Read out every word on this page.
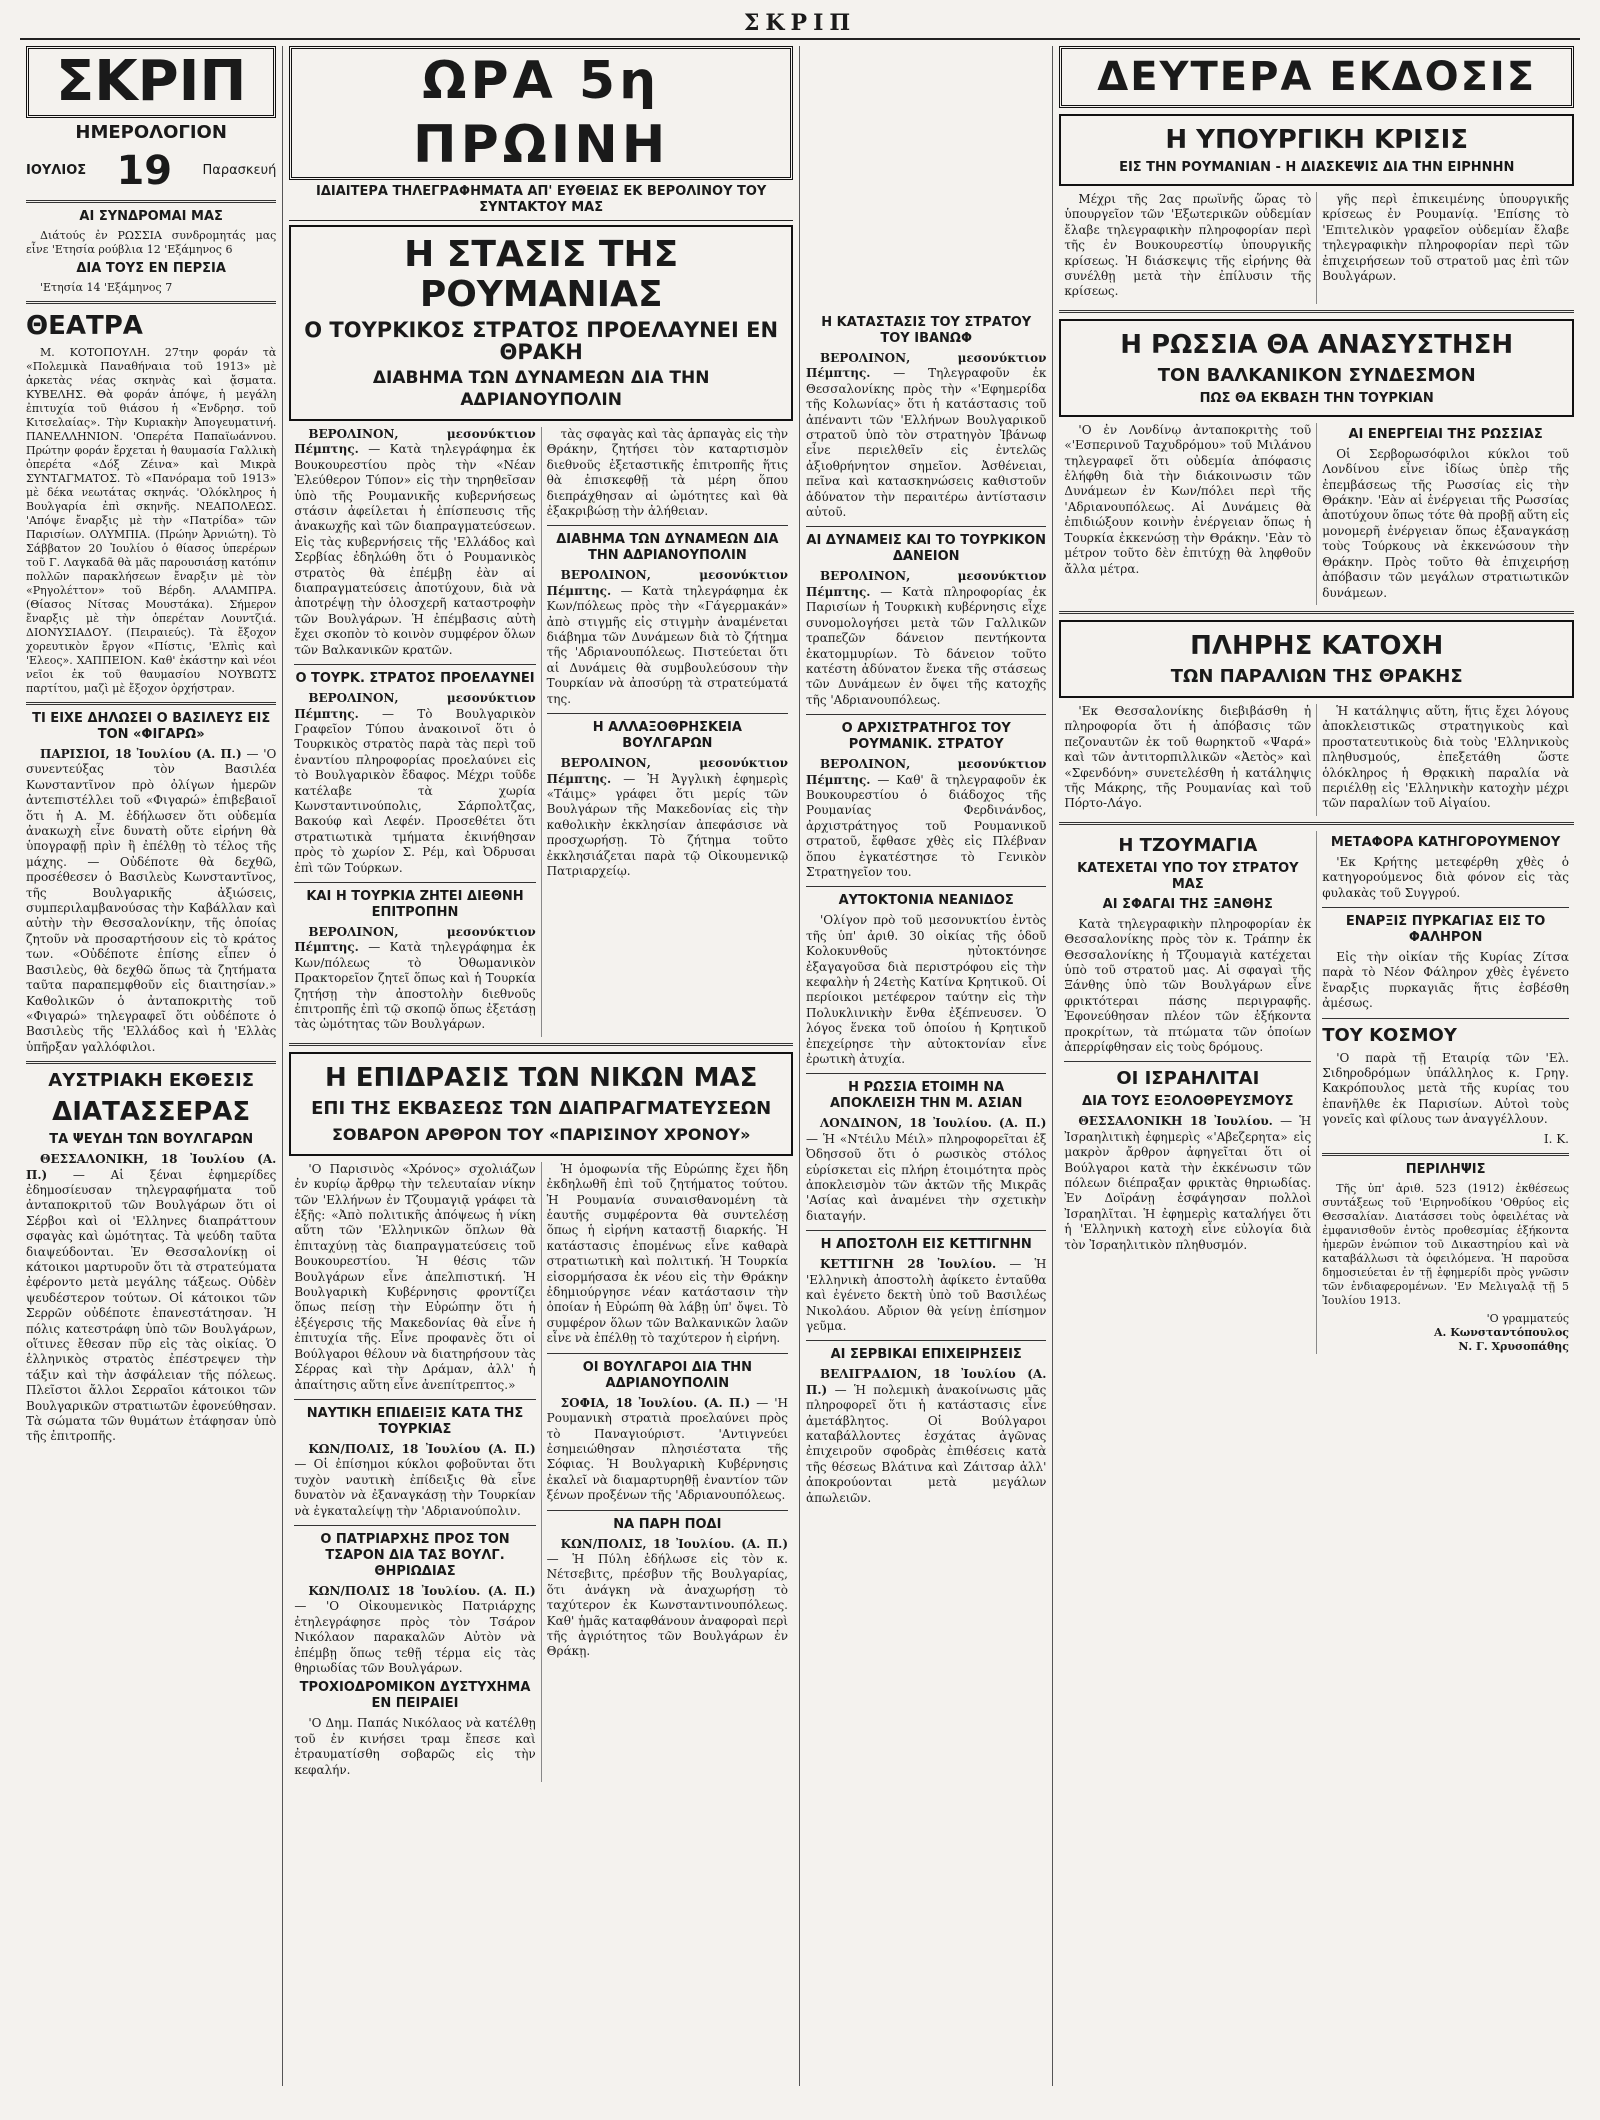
ΣΚΡΙΠ
ΣΚΡΙΠ
ΗΜΕΡΟΛΟΓΙΟΝ
ΙΟΥΛΙΟΣ 19 Παρασκευή
ΑΙ ΣΥΝΔΡΟΜΑΙ ΜΑΣ

Διάτούς ἐν ΡΩΣΣΙΑ συνδρομητάς μας εἶνε 'Ετησία ρούβλια 12 'Εξάμηνος 6

ΔΙΑ ΤΟΥΣ ΕΝ ΠΕΡΣΙΑ

'Ετησία 14 'Εξάμηνος 7

ΘΕΑΤΡΑ

Μ. ΚΟΤΟΠΟΥΛΗ. 27την φοράν τὰ «Πολεμικὰ Παναθήναια τοῦ 1913» μὲ ἀρκετὰς νέας σκηνὰς καὶ ᾄσματα. ΚΥΒΕΛΗΣ. Θὰ φοράν ἀπόψε, ἡ μεγάλη ἐπιτυχία τοῦ θιάσου ἡ «Ἐνδρησ. τοῦ Κιτσελαίας». Τὴν Κυριακὴν Ἀπογευματινή. ΠΑΝΕΛΛΗΝΙΟΝ. 'Οπερέτα Παπαϊωάννου. Πρώτην φοράν ἔρχεται ἡ θαυμασία Γαλλικὴ ὀπερέτα «Δόξ Ζέινα» καὶ Μικρὰ ΣΥΝΤΑΓΜΑΤΟΣ. Τὸ «Πανόραμα τοῦ 1913» μὲ δέκα νεωτάτας σκηνάς. 'Ολόκληρος ἡ Βουλγαρία ἐπὶ σκηνῆς. ΝΕΑΠΟΛΕΩΣ. 'Απόψε ἔναρξις μὲ τὴν «Πατρίδα» τῶν Παρισίων. ΟΛΥΜΠΙΑ. (Πρώην Ἀρνιώτη). Τὸ Σάββατον 20 Ἰουλίου ὁ θίασος ὑπερέρων τοῦ Γ. Λαγκαδᾶ θὰ μᾶς παρουσιάσῃ κατόπιν πολλῶν παρακλήσεων ἔναρξιν μὲ τὸν «Ρηγολέττον» τοῦ Βέρδη. ΑΛΑΜΠΡΑ. (Θίασος Νίτσας Μουστάκα). Σήμερον ἔναρξις μὲ τὴν ὀπερέταν Λουντζιά. ΔΙΟΝΥΣΙΑΔΟΥ. (Πειραιεύς). Τὰ ἔξοχον χορευτικὸν ἔργον «Πίστις, 'Ελπὶς καὶ 'Ελεος». ΧΑΠΠΕΙΟΝ. Καθ' ἑκάστην καὶ νέοι νεῖοι ἐκ τοῦ θαυμασίου ΝΟΥΒΩΤΣ παρτίτου, μαζὶ μὲ ἔξοχον ὀρχήστραν.

ΤΙ ΕΙΧΕ ΔΗΛΩΣΕΙ Ο ΒΑΣΙΛΕΥΣ ΕΙΣ ΤΟΝ «ΦΙΓΑΡΩ»

ΠΑΡΙΣΙΟΙ, 18 Ἰουλίου (Α. Π.) — 'Ο συνεντεύξας τὸν Βασιλέα Κωνσταντῖνον πρὸ ὀλίγων ἡμερῶν ἀντεπιστέλλει τοῦ «Φιγαρώ» ἐπιβεβαιοῖ ὅτι ἡ Α. Μ. ἐδήλωσεν ὅτι οὐδεμία ἀνακωχὴ εἶνε δυνατὴ οὔτε εἰρήνη θὰ ὑπογραφῇ πρὶν ἢ ἐπέλθῃ τὸ τέλος τῆς μάχης. — Οὐδέποτε θὰ δεχθῶ, προσέθεσεν ὁ Βασιλεὺς Κωνσταντῖνος, τῆς Βουλγαρικῆς ἀξιώσεις, συμπεριλαμβανούσας τὴν Καβάλλαν καὶ αὐτὴν τὴν Θεσσαλονίκην, τῆς ὁποίας ζητοῦν νὰ προσαρτήσουν εἰς τὸ κράτος των. «Οὐδέποτε ἐπίσης εἶπεν ὁ Βασιλεὺς, θὰ δεχθῶ ὅπως τὰ ζητήματα ταῦτα παραπεμφθοῦν εἰς διαιτησίαν.» Καθολικῶν ὁ ἀνταποκριτὴς τοῦ «Φιγαρώ» τηλεγραφεῖ ὅτι οὐδέποτε ὁ Βασιλεὺς τῆς 'Ελλάδος καὶ ἡ 'Ελλὰς ὑπῆρξαν γαλλόφιλοι.

ΑΥΣΤΡΙΑΚΗ ΕΚΘΕΣΙΣ
ΔΙΑΤΑΣΣΕΡΑΣ
ΤΑ ΨΕΥΔΗ ΤΩΝ ΒΟΥΛΓΑΡΩΝ

ΘΕΣΣΑΛΟΝΙΚΗ, 18 Ἰουλίου (Α. Π.) — Αἱ ξέναι ἐφημερίδες ἐδημοσίευσαν τηλεγραφήματα τοῦ ἀνταποκριτοῦ τῶν Βουλγάρων ὅτι οἱ Σέρβοι καὶ οἱ 'Ελληνες διαπράττουν σφαγὰς καὶ ὠμότητας. Τὰ ψεύδη ταῦτα διαψεύδονται. Ἐν Θεσσαλονίκῃ οἱ κάτοικοι μαρτυροῦν ὅτι τὰ στρατεύματα ἐφέροντο μετὰ μεγάλης τάξεως. Οὐδὲν ψευδέστερον τούτων. Οἱ κάτοικοι τῶν Σερρῶν οὐδέποτε ἐπανεστάτησαν. Ἡ πόλις κατεστράφη ὑπὸ τῶν Βουλγάρων, οἵτινες ἔθεσαν πῦρ εἰς τὰς οἰκίας. Ὁ ἑλληνικὸς στρατὸς ἐπέστρεψεν τὴν τάξιν καὶ τὴν ἀσφάλειαν τῆς πόλεως. Πλεῖστοι ἄλλοι Σερραῖοι κάτοικοι τῶν Βουλγαρικῶν στρατιωτῶν ἐφονεύθησαν. Τὰ σώματα τῶν θυμάτων ἐτάφησαν ὑπὸ τῆς ἐπιτροπῆς.

ΩΡΑ 5η ΠΡΩΙΝΗ
ΙΔΙΑΙΤΕΡΑ ΤΗΛΕΓΡΑΦΗΜΑΤΑ ΑΠ' ΕΥΘΕΙΑΣ ΕΚ ΒΕΡΟΛΙΝΟΥ ΤΟΥ ΣΥΝΤΑΚΤΟΥ ΜΑΣ
Η ΣΤΑΣΙΣ ΤΗΣ ΡΟΥΜΑΝΙΑΣ
Ο ΤΟΥΡΚΙΚΟΣ ΣΤΡΑΤΟΣ ΠΡΟΕΛΑΥΝΕΙ ΕΝ ΘΡΑΚΗ
ΔΙΑΒΗΜΑ ΤΩΝ ΔΥΝΑΜΕΩΝ ΔΙΑ ΤΗΝ ΑΔΡΙΑΝΟΥΠΟΛΙΝ

ΒΕΡΟΛΙΝΟΝ, μεσονύκτιον Πέμπτης. — Κατὰ τηλεγράφημα ἐκ Βουκουρεστίου πρὸς τὴν «Νέαν Ἐλεύθερον Τύπον» εἰς τὴν τηρηθεῖσαν ὑπὸ τῆς Ρουμανικῆς κυβερνήσεως στάσιν ἀφείλεται ἡ ἐπίσπευσις τῆς ἀνακωχῆς καὶ τῶν διαπραγματεύσεων. Εἰς τὰς κυβερνήσεις τῆς 'Ελλάδος καὶ Σερβίας ἐδηλώθη ὅτι ὁ Ρουμανικὸς στρατὸς θὰ ἐπέμβῃ ἐὰν αἱ διαπραγματεύσεις ἀποτύχουν, διὰ νὰ ἀποτρέψῃ τὴν ὁλοσχερῆ καταστροφὴν τῶν Βουλγάρων. Ἡ ἐπέμβασις αὐτὴ ἔχει σκοπὸν τὸ κοινὸν συμφέρον ὅλων τῶν Βαλκανικῶν κρατῶν.

Ο ΤΟΥΡΚ. ΣΤΡΑΤΟΣ ΠΡΟΕΛΑΥΝΕΙ

ΒΕΡΟΛΙΝΟΝ, μεσονύκτιον Πέμπτης. — Τὸ Βουλγαρικὸν Γραφεῖον Τύπου ἀνακοινοῖ ὅτι ὁ Τουρκικὸς στρατὸς παρὰ τὰς περὶ τοῦ ἐναντίου πληροφορίας προελαύνει εἰς τὸ Βουλγαρικὸν ἔδαφος. Μέχρι τοῦδε κατέλαβε τὰ χωρία Κωνσταντινούπολις, Σάρπολτζας, Βακούφ καὶ Λεφέν. Προσεθέτει ὅτι στρατιωτικὰ τμήματα ἐκινήθησαν πρὸς τὸ χωρίον Σ. Ρέμ, καὶ Ὀδρυσαι ἐπὶ τῶν Τούρκων.

ΚΑΙ Η ΤΟΥΡΚΙΑ ΖΗΤΕΙ ΔΙΕΘΝΗ ΕΠΙΤΡΟΠΗΝ

ΒΕΡΟΛΙΝΟΝ, μεσονύκτιον Πέμπτης. — Κατὰ τηλεγράφημα ἐκ Κων/πόλεως τὸ Ὀθωμανικὸν Πρακτορεῖον ζητεῖ ὅπως καὶ ἡ Τουρκία ζητήσῃ τὴν ἀποστολὴν διεθνοῦς ἐπιτροπῆς ἐπὶ τῷ σκοπῷ ὅπως ἐξετάσῃ τὰς ὠμότητας τῶν Βουλγάρων.

τὰς σφαγὰς καὶ τὰς ἁρπαγὰς εἰς τὴν Θράκην, ζητήσει τὸν καταρτισμὸν διεθνοῦς ἐξεταστικῆς ἐπιτροπῆς ἥτις θὰ ἐπισκεφθῇ τὰ μέρη ὅπου διεπράχθησαν αἱ ὠμότητες καὶ θὰ ἐξακριβώσῃ τὴν ἀλήθειαν.

ΔΙΑΒΗΜΑ ΤΩΝ ΔΥΝΑΜΕΩΝ ΔΙΑ ΤΗΝ ΑΔΡΙΑΝΟΥΠΟΛΙΝ

ΒΕΡΟΛΙΝΟΝ, μεσονύκτιον Πέμπτης. — Κατὰ τηλεγράφημα ἐκ Κων/πόλεως πρὸς τὴν «Γάγερμακάν» ἀπὸ στιγμῆς εἰς στιγμὴν ἀναμένεται διάβημα τῶν Δυνάμεων διὰ τὸ ζήτημα τῆς 'Αδριανουπόλεως. Πιστεύεται ὅτι αἱ Δυνάμεις θὰ συμβουλεύσουν τὴν Τουρκίαν νὰ ἀποσύρῃ τὰ στρατεύματά της.

Η ΑΛΛΑΞΟΘΡΗΣΚΕΙΑ ΒΟΥΛΓΑΡΩΝ

ΒΕΡΟΛΙΝΟΝ, μεσονύκτιον Πέμπτης. — Ἡ Ἀγγλικὴ ἐφημερὶς «Τάιμς» γράφει ὅτι μερίς τῶν Βουλγάρων τῆς Μακεδονίας εἰς τὴν καθολικὴν ἐκκλησίαν ἀπεφάσισε νὰ προσχωρήσῃ. Τὸ ζήτημα τοῦτο ἐκκλησιάζεται παρὰ τῷ Οἰκουμενικῷ Πατριαρχείῳ.

Η ΕΠΙΔΡΑΣΙΣ ΤΩΝ ΝΙΚΩΝ ΜΑΣ
ΕΠΙ ΤΗΣ ΕΚΒΑΣΕΩΣ ΤΩΝ ΔΙΑΠΡΑΓΜΑΤΕΥΣΕΩΝ
ΣΟΒΑΡΟΝ ΑΡΘΡΟΝ ΤΟΥ «ΠΑΡΙΣΙΝΟΥ ΧΡΟΝΟΥ»

'Ο Παρισινὸς «Χρόνος» σχολιάζων ἐν κυρίῳ ἄρθρῳ τὴν τελευταίαν νίκην τῶν 'Ελλήνων ἐν Τζουμαγιᾷ γράφει τὰ ἑξῆς: «Ἀπὸ πολιτικῆς ἀπόψεως ἡ νίκη αὕτη τῶν 'Ελληνικῶν ὅπλων θὰ ἐπιταχύνῃ τὰς διαπραγματεύσεις τοῦ Βουκουρεστίου. Ἡ θέσις τῶν Βουλγάρων εἶνε ἀπελπιστική. Ἡ Βουλγαρικὴ Κυβέρνησις φροντίζει ὅπως πείσῃ τὴν Εὐρώπην ὅτι ἡ ἐξέγερσις τῆς Μακεδονίας θὰ εἶνε ἡ ἐπιτυχία τῆς. Εἶνε προφανὲς ὅτι οἱ Βούλγαροι θέλουν νὰ διατηρήσουν τὰς Σέρρας καὶ τὴν Δράμαν, ἀλλ' ἡ ἀπαίτησις αὕτη εἶνε ἀνεπίτρεπτος.»

ΝΑΥΤΙΚΗ ΕΠΙΔΕΙΞΙΣ ΚΑΤΑ ΤΗΣ ΤΟΥΡΚΙΑΣ

ΚΩΝ/ΠΟΛΙΣ, 18 Ἰουλίου (Α. Π.) — Οἱ ἐπίσημοι κύκλοι φοβοῦνται ὅτι τυχὸν ναυτικὴ ἐπίδειξις θὰ εἶνε δυνατὸν νὰ ἐξαναγκάσῃ τὴν Τουρκίαν νὰ ἐγκαταλείψῃ τὴν 'Αδριανούπολιν.

Ο ΠΑΤΡΙΑΡΧΗΣ ΠΡΟΣ ΤΟΝ ΤΣΑΡΟΝ ΔΙΑ ΤΑΣ ΒΟΥΛΓ. ΘΗΡΙΩΔΙΑΣ

ΚΩΝ/ΠΟΛΙΣ 18 Ἰουλίου. (Α. Π.) — 'Ο Οἰκουμενικὸς Πατριάρχης ἐτηλεγράφησε πρὸς τὸν Τσάρον Νικόλαον παρακαλῶν Αὐτὸν νὰ ἐπέμβῃ ὅπως τεθῇ τέρμα εἰς τὰς θηριωδίας τῶν Βουλγάρων.

ΤΡΟΧΙΟΔΡΟΜΙΚΟΝ ΔΥΣΤΥΧΗΜΑ ΕΝ ΠΕΙΡΑΙΕΙ

'Ο Δημ. Παπάς Νικόλαος νὰ κατέλθῃ τοῦ ἐν κινήσει τραμ ἔπεσε καὶ ἐτραυματίσθη σοβαρῶς εἰς τὴν κεφαλήν.

Ἡ ὁμοφωνία τῆς Εὐρώπης ἔχει ἤδη ἐκδηλωθῆ ἐπὶ τοῦ ζητήματος τούτου. Ἡ Ρουμανία συναισθανομένη τὰ ἑαυτῆς συμφέροντα θὰ συντελέσῃ ὅπως ἡ εἰρήνη καταστῇ διαρκής. Ἡ κατάστασις ἐπομένως εἶνε καθαρὰ στρατιωτικὴ καὶ πολιτική. Ἡ Τουρκία εἰσορμήσασα ἐκ νέου εἰς τὴν Θράκην ἐδημιούργησε νέαν κατάστασιν τὴν ὁποίαν ἡ Εὐρώπη θὰ λάβῃ ὑπ' ὄψει. Τὸ συμφέρον ὅλων τῶν Βαλκανικῶν λαῶν εἶνε νὰ ἐπέλθῃ τὸ ταχύτερον ἡ εἰρήνη.

ΟΙ ΒΟΥΛΓΑΡΟΙ ΔΙΑ ΤΗΝ ΑΔΡΙΑΝΟΥΠΟΛΙΝ

ΣΟΦΙΑ, 18 Ἰουλίου. (Α. Π.) — 'Η Ρουμανικὴ στρατιὰ προελαύνει πρὸς τὸ Παναγιούριστ. 'Αντιγνεύει ἐσημειώθησαν πλησιέστατα τῆς Σόφιας. Ἡ Βουλγαρικὴ Κυβέρνησις ἐκαλεῖ νὰ διαμαρτυρηθῇ ἐναντίον τῶν ξένων προξένων τῆς 'Αδριανουπόλεως.

ΝΑ ΠΑΡΗ ΠΟΔΙ

ΚΩΝ/ΠΟΛΙΣ, 18 Ἰουλίου. (Α. Π.) — Ἡ Πύλη ἐδήλωσε εἰς τὸν κ. Νέτσεβιτς, πρέσβυν τῆς Βουλγαρίας, ὅτι ἀνάγκη νὰ ἀναχωρήσῃ τὸ ταχύτερον ἐκ Κωνσταντινουπόλεως. Καθ' ἡμᾶς καταφθάνουν ἀναφοραὶ περὶ τῆς ἀγριότητος τῶν Βουλγάρων ἐν Θράκῃ.

Η ΚΑΤΑΣΤΑΣΙΣ ΤΟΥ ΣΤΡΑΤΟΥ ΤΟΥ ΙΒΑΝΩΦ

ΒΕΡΟΛΙΝΟΝ, μεσονύκτιον Πέμπτης. — Τηλεγραφοῦν ἐκ Θεσσαλονίκης πρὸς τὴν «'Εφημερίδα τῆς Κολωνίας» ὅτι ἡ κατάστασις τοῦ ἀπέναντι τῶν 'Ελλήνων Βουλγαρικοῦ στρατοῦ ὑπὸ τὸν στρατηγὸν Ἰβάνωφ εἶνε περιελθεῖν εἰς ἐντελῶς ἀξιοθρήνητον σημεῖον. Ἀσθένειαι, πεῖνα καὶ κατασκηνώσεις καθιστοῦν ἀδύνατον τὴν περαιτέρω ἀντίστασιν αὐτοῦ.

ΑΙ ΔΥΝΑΜΕΙΣ ΚΑΙ ΤΟ ΤΟΥΡΚΙΚΟΝ ΔΑΝΕΙΟΝ

ΒΕΡΟΛΙΝΟΝ, μεσονύκτιον Πέμπτης. — Κατὰ πληροφορίας ἐκ Παρισίων ἡ Τουρκικὴ κυβέρνησις εἶχε συνομολογήσει μετὰ τῶν Γαλλικῶν τραπεζῶν δάνειον πεντήκοντα ἑκατομμυρίων. Τὸ δάνειον τοῦτο κατέστη ἀδύνατον ἕνεκα τῆς στάσεως τῶν Δυνάμεων ἐν ὄψει τῆς κατοχῆς τῆς 'Αδριανουπόλεως.

Ο ΑΡΧΙΣΤΡΑΤΗΓΟΣ ΤΟΥ ΡΟΥΜΑΝΙΚ. ΣΤΡΑΤΟΥ

ΒΕΡΟΛΙΝΟΝ, μεσονύκτιον Πέμπτης. — Καθ' ἃ τηλεγραφοῦν ἐκ Βουκουρεστίου ὁ διάδοχος τῆς Ρουμανίας Φερδινάνδος, ἀρχιστράτηγος τοῦ Ρουμανικοῦ στρατοῦ, ἔφθασε χθὲς εἰς Πλέβναν ὅπου ἐγκατέστησε τὸ Γενικὸν Στρατηγεῖον του.

ΑΥΤΟΚΤΟΝΙΑ ΝΕΑΝΙΔΟΣ

'Ολίγον πρὸ τοῦ μεσονυκτίου ἐντὸς τῆς ὑπ' ἀριθ. 30 οἰκίας τῆς ὁδοῦ Κολοκυνθοῦς ηὐτοκτόνησε ἐξαγαγοῦσα διὰ περιστρόφου εἰς τὴν κεφαλὴν ἡ 24ετὴς Κατίνα Κρητικοῦ. Οἱ περίοικοι μετέφερον ταύτην εἰς τὴν Πολυκλινικὴν ἔνθα ἐξέπνευσεν. Ὁ λόγος ἕνεκα τοῦ ὁποίου ἡ Κρητικοῦ ἐπεχείρησε τὴν αὐτοκτονίαν εἶνε ἐρωτικὴ ἀτυχία.

Η ΡΩΣΣΙΑ ΕΤΟΙΜΗ ΝΑ ΑΠΟΚΛΕΙΣΗ ΤΗΝ Μ. ΑΣΙΑΝ

ΛΟΝΔΙΝΟΝ, 18 Ἰουλίου. (Α. Π.) — Ἡ «Ντέιλυ Μέιλ» πληροφορεῖται ἐξ Ὀδησσοῦ ὅτι ὁ ρωσικὸς στόλος εὑρίσκεται εἰς πλήρη ἑτοιμότητα πρὸς ἀποκλεισμὸν τῶν ἀκτῶν τῆς Μικρᾶς 'Ασίας καὶ ἀναμένει τὴν σχετικὴν διαταγήν.

Η ΑΠΟΣΤΟΛΗ ΕΙΣ ΚΕΤΤΙΓΝΗΝ

ΚΕΤΤΙΓΝΗ 28 Ἰουλίου. — Ἡ 'Ελληνικὴ ἀποστολὴ ἀφίκετο ἐνταῦθα καὶ ἐγένετο δεκτὴ ὑπὸ τοῦ Βασιλέως Νικολάου. Αὔριον θὰ γείνῃ ἐπίσημον γεῦμα.

ΑΙ ΣΕΡΒΙΚΑΙ ΕΠΙΧΕΙΡΗΣΕΙΣ

ΒΕΛΙΓΡΑΔΙΟΝ, 18 Ἰουλίου (Α. Π.) — Ἡ πολεμικὴ ἀνακοίνωσις μᾶς πληροφορεῖ ὅτι ἡ κατάστασις εἶνε ἀμετάβλητος. Οἱ Βούλγαροι καταβάλλοντες ἐσχάτας ἀγῶνας ἐπιχειροῦν σφοδρὰς ἐπιθέσεις κατὰ τῆς θέσεως Βλάτινα καὶ Ζάιτσαρ ἀλλ' ἀποκρούονται μετὰ μεγάλων ἀπωλειῶν.

ΔΕΥΤΕΡΑ ΕΚΔΟΣΙΣ
Η ΥΠΟΥΡΓΙΚΗ ΚΡΙΣΙΣ
ΕΙΣ ΤΗΝ ΡΟΥΜΑΝΙΑΝ - Η ΔΙΑΣΚΕΨΙΣ ΔΙΑ ΤΗΝ ΕΙΡΗΝΗΝ

Μέχρι τῆς 2ας πρωϊνῆς ὥρας τὸ ὑπουργεῖον τῶν 'Εξωτερικῶν οὐδεμίαν ἔλαβε τηλεγραφικὴν πληροφορίαν περὶ τῆς ἐν Βουκουρεστίῳ ὑπουργικῆς κρίσεως. Ἡ διάσκεψις τῆς εἰρήνης θὰ συνέλθῃ μετὰ τὴν ἐπίλυσιν τῆς κρίσεως.

γῆς περὶ ἐπικειμένης ὑπουργικῆς κρίσεως ἐν Ρουμανίᾳ. 'Επίσης τὸ 'Επιτελικὸν γραφεῖον οὐδεμίαν ἔλαβε τηλεγραφικὴν πληροφορίαν περὶ τῶν ἐπιχειρήσεων τοῦ στρατοῦ μας ἐπὶ τῶν Βουλγάρων.

Η ΡΩΣΣΙΑ ΘΑ ΑΝΑΣΥΣΤΗΣΗ
ΤΟΝ ΒΑΛΚΑΝΙΚΟΝ ΣΥΝΔΕΣΜΟΝ
ΠΩΣ ΘΑ ΕΚΒΑΣΗ ΤΗΝ ΤΟΥΡΚΙΑΝ

'Ο ἐν Λονδίνῳ ἀνταποκριτὴς τοῦ «'Εσπερινοῦ Ταχυδρόμου» τοῦ Μιλάνου τηλεγραφεῖ ὅτι οὐδεμία ἀπόφασις ἐλήφθη διὰ τὴν διάκοινωσιν τῶν Δυνάμεων ἐν Κων/πόλει περὶ τῆς 'Αδριανουπόλεως. Αἱ Δυνάμεις θὰ ἐπιδιώξουν κοινὴν ἐνέργειαν ὅπως ἡ Τουρκία ἐκκενώσῃ τὴν Θράκην. 'Εὰν τὸ μέτρον τοῦτο δὲν ἐπιτύχῃ θὰ ληφθοῦν ἄλλα μέτρα.

ΑΙ ΕΝΕΡΓΕΙΑΙ ΤΗΣ ΡΩΣΣΙΑΣ

Οἱ Σερβορωσόφιλοι κύκλοι τοῦ Λονδίνου εἶνε ἰδίως ὑπὲρ τῆς ἐπεμβάσεως τῆς Ρωσσίας εἰς τὴν Θράκην. 'Εὰν αἱ ἐνέργειαι τῆς Ρωσσίας ἀποτύχουν ὅπως τότε θὰ προβῇ αὕτη εἰς μονομερῆ ἐνέργειαν ὅπως ἐξαναγκάσῃ τοὺς Τούρκους νὰ ἐκκενώσουν τὴν Θράκην. Πρὸς τοῦτο θὰ ἐπιχειρήσῃ ἀπόβασιν τῶν μεγάλων στρατιωτικῶν δυνάμεων.

ΠΛΗΡΗΣ ΚΑΤΟΧΗ
ΤΩΝ ΠΑΡΑΛΙΩΝ ΤΗΣ ΘΡΑΚΗΣ

'Εκ Θεσσαλονίκης διεβιβάσθη ἡ πληροφορία ὅτι ἡ ἀπόβασις τῶν πεζοναυτῶν ἐκ τοῦ θωρηκτοῦ «Ψαρά» καὶ τῶν ἀντιτορπιλλικῶν «Ἀετὸς» καὶ «Σφενδόνη» συνετελέσθη ἡ κατάληψις τῆς Μάκρης, τῆς Ρουμανίας καὶ τοῦ Πόρτο-Λάγο.

Ἡ κατάληψις αὕτη, ἥτις ἔχει λόγους ἀποκλειστικῶς στρατηγικοὺς καὶ προστατευτικοὺς διὰ τοὺς 'Ελληνικοὺς πληθυσμούς, ἐπεξετάθη ὥστε ὁλόκληρος ἡ Θρᾳκικὴ παραλία νὰ περιέλθῃ εἰς 'Ελληνικὴν κατοχὴν μέχρι τῶν παραλίων τοῦ Αἰγαίου.

Η ΤΖΟΥΜΑΓΙΑ
ΚΑΤΕΧΕΤΑΙ ΥΠΟ ΤΟΥ ΣΤΡΑΤΟΥ ΜΑΣ
ΑΙ ΣΦΑΓΑΙ ΤΗΣ ΞΑΝΘΗΣ

Κατὰ τηλεγραφικὴν πληροφορίαν ἐκ Θεσσαλονίκης πρὸς τὸν κ. Τράπην ἐκ Θεσσαλονίκης ἡ Τζουμαγιὰ κατέχεται ὑπὸ τοῦ στρατοῦ μας. Αἱ σφαγαὶ τῆς Ξάνθης ὑπὸ τῶν Βουλγάρων εἶνε φρικτότεραι πάσης περιγραφῆς. Ἐφονεύθησαν πλέον τῶν ἑξήκοντα προκρίτων, τὰ πτώματα τῶν ὁποίων ἀπερρίφθησαν εἰς τοὺς δρόμους.

ΟΙ ΙΣΡΑΗΛΙΤΑΙ
ΔΙΑ ΤΟΥΣ ΕΞΟΛΟΘΡΕΥΣΜΟΥΣ

ΘΕΣΣΑΛΟΝΙΚΗ 18 Ἰουλίου. — Ἡ Ἰσραηλιτικὴ ἐφημερὶς «'Αβεζερητα» εἰς μακρὸν ἄρθρον ἀφηγεῖται ὅτι οἱ Βούλγαροι κατὰ τὴν ἐκκένωσιν τῶν πόλεων διέπραξαν φρικτὰς θηριωδίας. Ἐν Δοϊράνῃ ἐσφάγησαν πολλοὶ Ἰσραηλῖται. Ἡ ἐφημερὶς καταλήγει ὅτι ἡ 'Ελληνικὴ κατοχὴ εἶνε εὐλογία διὰ τὸν Ἰσραηλιτικὸν πληθυσμόν.

ΜΕΤΑΦΟΡΑ ΚΑΤΗΓΟΡΟΥΜΕΝΟΥ

'Εκ Κρήτης μετεφέρθη χθὲς ὁ κατηγορούμενος διὰ φόνον εἰς τὰς φυλακὰς τοῦ Συγγρού.

ΕΝΑΡΞΙΣ ΠΥΡΚΑΓΙΑΣ ΕΙΣ ΤΟ ΦΑΛΗΡΟΝ

Εἰς τὴν οἰκίαν τῆς Κυρίας Ζίτσα παρὰ τὸ Νέον Φάληρον χθὲς ἐγένετο ἔναρξις πυρκαγιᾶς ἥτις ἐσβέσθη ἀμέσως.

ΤΟΥ ΚΟΣΜΟΥ

'Ο παρὰ τῇ Εταιρίᾳ τῶν 'Ελ. Σιδηροδρόμων ὑπάλληλος κ. Γρηγ. Κακρόπουλος μετὰ τῆς κυρίας του ἐπανῆλθε ἐκ Παρισίων. Αὐτοὶ τοὺς γονεῖς καὶ φίλους των ἀναγγέλλουν.

Ι. Κ.
ΠΕΡΙΛΗΨΙΣ

Τῆς ὑπ' ἀριθ. 523 (1912) ἐκθέσεως συντάξεως τοῦ 'Ειρηνοδίκου 'Οθρύος εἰς Θεσσαλίαν. Διατάσσει τοὺς ὀφειλέτας νὰ ἐμφανισθοῦν ἐντὸς προθεσμίας ἑξήκοντα ἡμερῶν ἐνώπιον τοῦ Δικαστηρίου καὶ νὰ καταβάλλωσι τὰ ὀφειλόμενα. Ἡ παροῦσα δημοσιεύεται ἐν τῇ ἐφημερίδι πρὸς γνῶσιν τῶν ἐνδιαφερομένων. 'Εν Μελιγαλᾷ τῇ 5 Ἰουλίου 1913.

'Ο γραμματεύς
Α. Κωνσταντόπουλος
Ν. Γ. Χρυσοπάθης
